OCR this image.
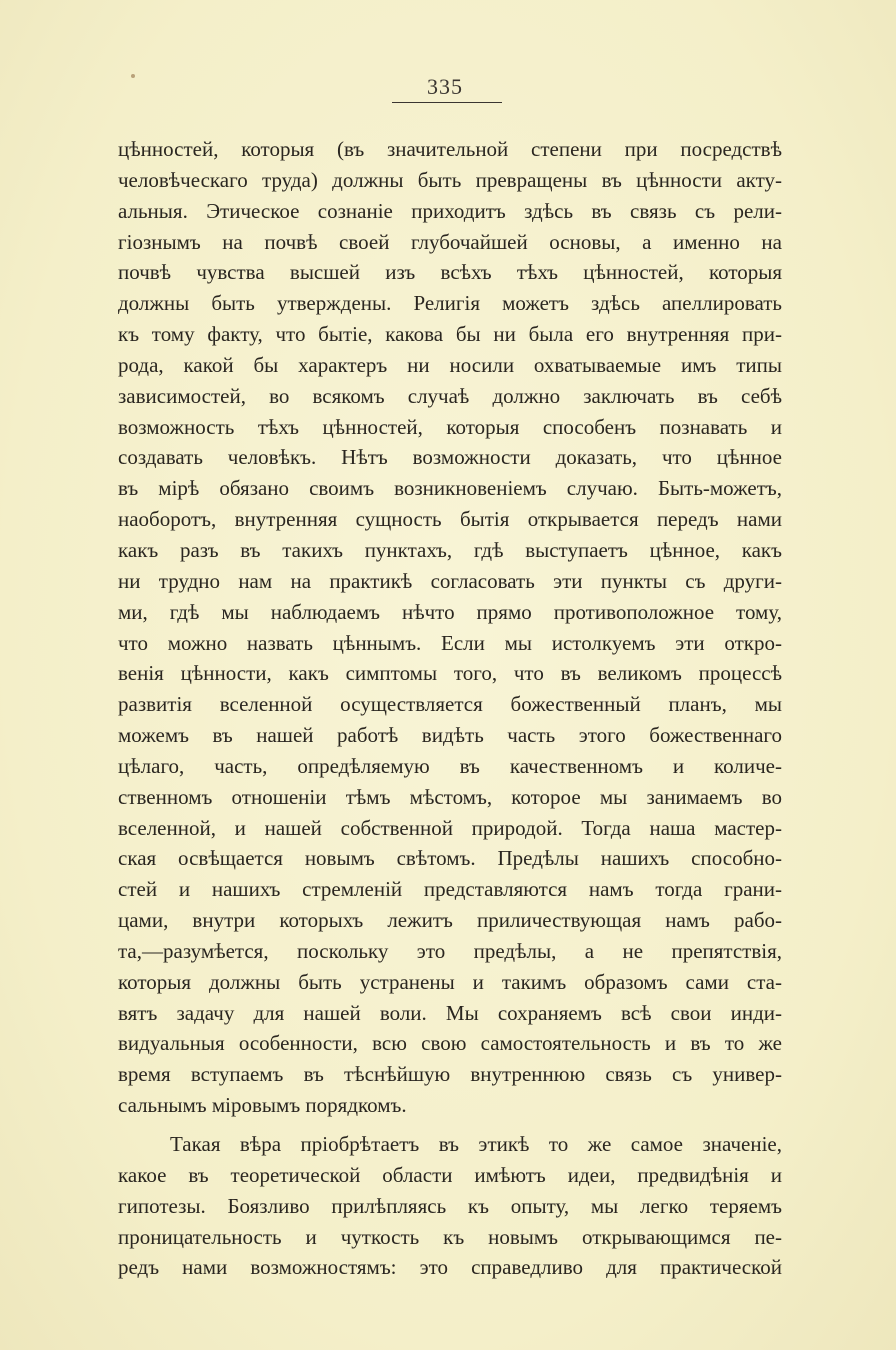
335
цѣнностей, которыя (въ значительной степени при посредствѣ
человѣческаго труда) должны быть превращены въ цѣнности акту-
альныя. Этическое сознаніе приходитъ здѣсь въ связь съ рели-
гіознымъ на почвѣ своей глубочайшей основы, а именно на
почвѣ чувства высшей изъ всѣхъ тѣхъ цѣнностей, которыя
должны быть утверждены. Религія можетъ здѣсь апеллировать
къ тому факту, что бытіе, какова бы ни была его внутренняя при-
рода, какой бы характеръ ни носили охватываемые имъ типы
зависимостей, во всякомъ случаѣ должно заключать въ себѣ
возможность тѣхъ цѣнностей, которыя способенъ познавать и
создавать человѣкъ. Нѣтъ возможности доказать, что цѣнное
въ мірѣ обязано своимъ возникновеніемъ случаю. Быть-можетъ,
наоборотъ, внутренняя сущность бытія открывается передъ нами
какъ разъ въ такихъ пунктахъ, гдѣ выступаетъ цѣнное, какъ
ни трудно нам на практикѣ согласовать эти пункты съ други-
ми, гдѣ мы наблюдаемъ нѣчто прямо противоположное тому,
что можно назвать цѣннымъ. Если мы истолкуемъ эти откро-
венія цѣнности, какъ симптомы того, что въ великомъ процессѣ
развитія вселенной осуществляется божественный планъ, мы
можемъ въ нашей работѣ видѣть часть этого божественнаго
цѣлаго, часть, опредѣляемую въ качественномъ и количе-
ственномъ отношеніи тѣмъ мѣстомъ, которое мы занимаемъ во
вселенной, и нашей собственной природой. Тогда наша мастер-
ская освѣщается новымъ свѣтомъ. Предѣлы нашихъ способно-
стей и нашихъ стремленій представляются намъ тогда грани-
цами, внутри которыхъ лежитъ приличествующая намъ рабо-
та,—разумѣется, поскольку это предѣлы, а не препятствія,
которыя должны быть устранены и такимъ образомъ сами ста-
вятъ задачу для нашей воли. Мы сохраняемъ всѣ свои инди-
видуальныя особенности, всю свою самостоятельность и въ то же
время вступаемъ въ тѣснѣйшую внутреннюю связь съ универ-
сальнымъ міровымъ порядкомъ.
Такая вѣра пріобрѣтаетъ въ этикѣ то же самое значеніе,
какое въ теоретической области имѣютъ идеи, предвидѣнія и
гипотезы. Боязливо прилѣпляясь къ опыту, мы легко теряемъ
проницательность и чуткость къ новымъ открывающимся пе-
редъ нами возможностямъ: это справедливо для практической
